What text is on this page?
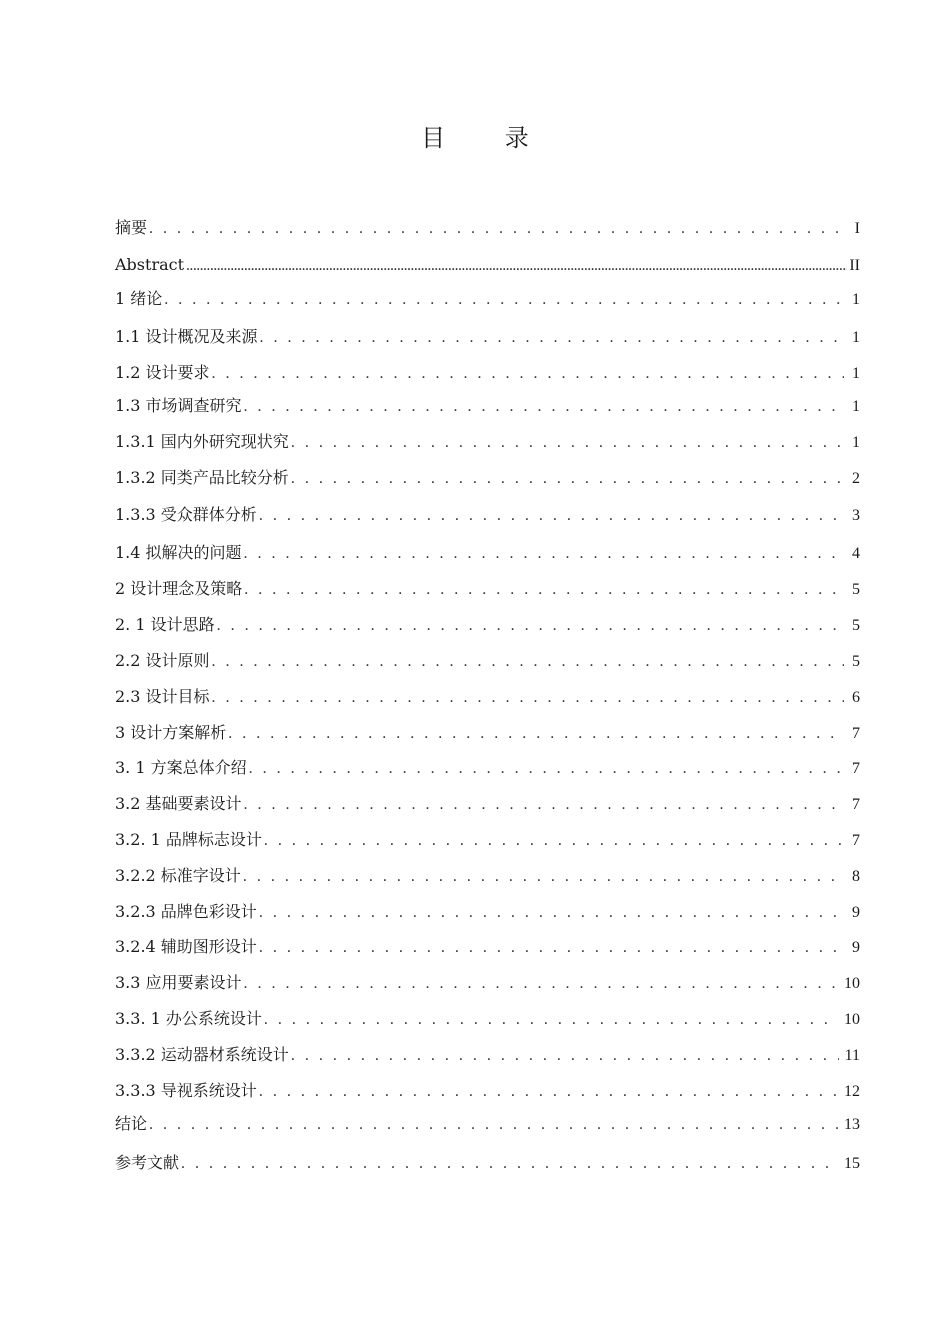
目 录
摘要 . . .	I
Abstract .....	II
1 绪论 . . .	1
1.1 设计概况及来源 . . .	1
1.2 设计要求 . . .	1
1.3 市场调查研究 . . .	1
1.3.1 国内外研究现状究 . . .	1
1.3.2 同类产品比较分析 . . .	2
1.3.3 受众群体分析 . . .	3
1.4 拟解决的问题 . . .	4
2 设计理念及策略 . . .	5
2. 1 设计思路 . . .	5
2.2 设计原则 . . .	5
2.3 设计目标 . . .	6
3 设计方案解析 . . .	7
3. 1 方案总体介绍 . . .	7
3.2 基础要素设计 . . .	7
3.2. 1 品牌标志设计 . . .	7
3.2.2 标准字设计 . . .	8
3.2.3 品牌色彩设计 . . .	9
3.2.4 辅助图形设计 . . .	9
3.3 应用要素设计 . . .	10
3.3. 1 办公系统设计 . . .	10
3.3.2 运动器材系统设计 . . .	11
3.3.3 导视系统设计 . . .	12
结论 . . .	13
参考文献 . . .	15
